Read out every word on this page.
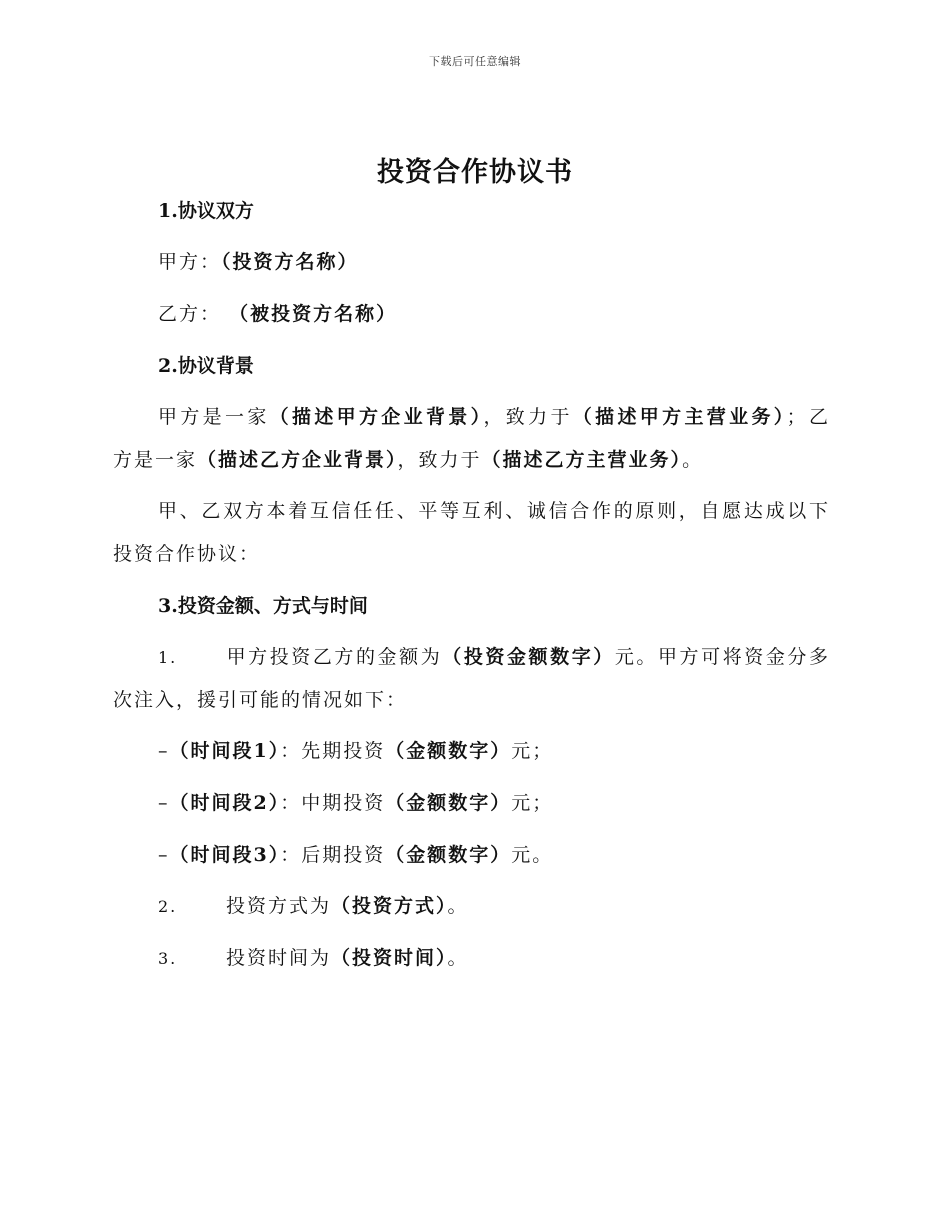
下载后可任意编辑
投资合作协议书
1.协议双方
甲方：（投资方名称）
乙方： （被投资方名称）
2.协议背景
甲方是一家（描述甲方企业背景），致力于（描述甲方主营业务）；乙
方是一家（描述乙方企业背景），致力于（描述乙方主营业务）。
甲、乙双方本着互信任任、平等互利、诚信合作的原则，自愿达成以下
投资合作协议：
3.投资金额、方式与时间
1.	甲方投资乙方的金额为（投资金额数字）元。甲方可将资金分多
次注入，援引可能的情况如下：
–（时间段1）：先期投资（金额数字）元；
–（时间段2）：中期投资（金额数字）元；
–（时间段3）：后期投资（金额数字）元。
2.	投资方式为（投资方式）。
3.	投资时间为（投资时间）。
